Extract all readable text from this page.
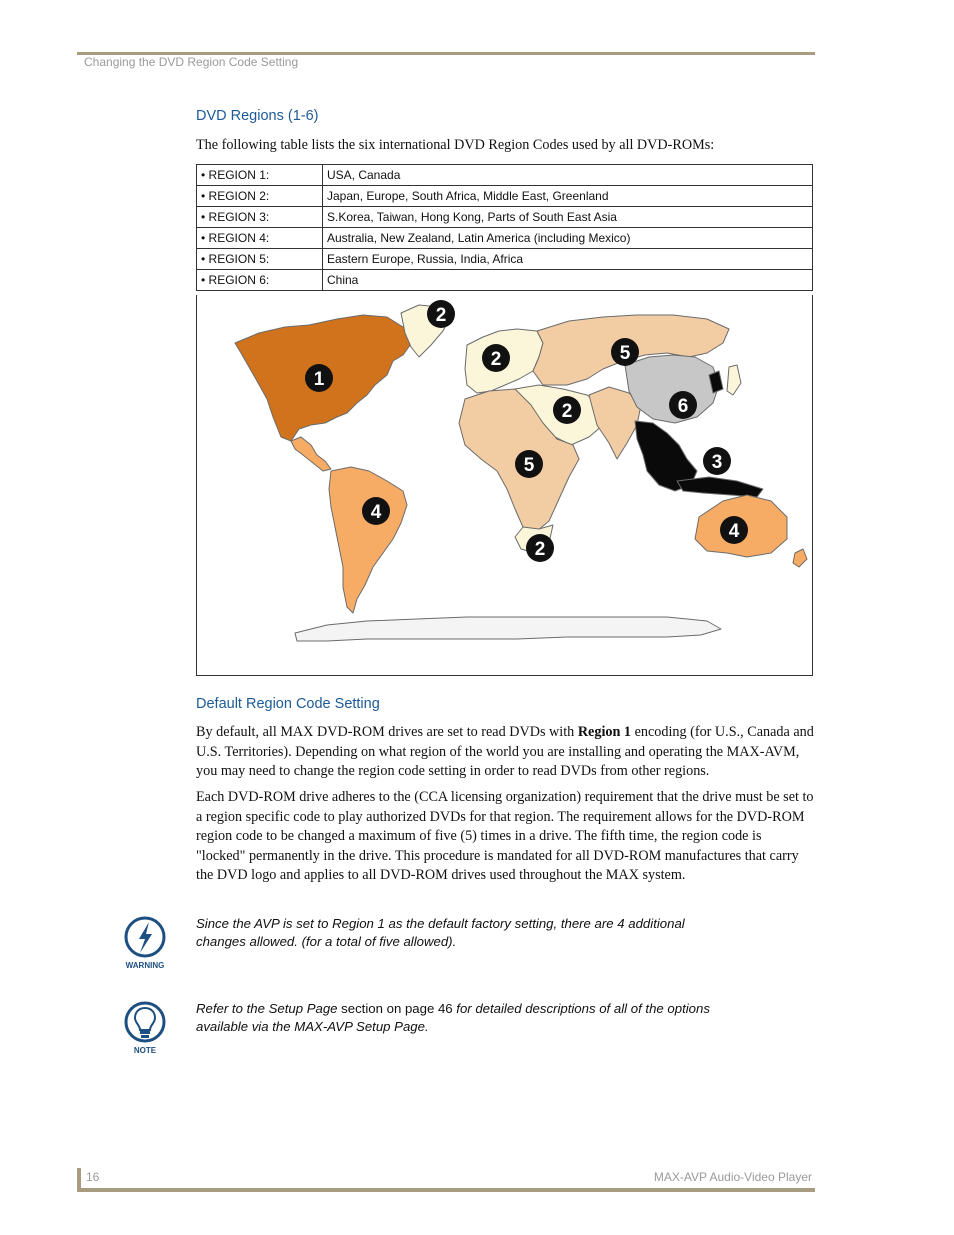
Changing the DVD Region Code Setting
DVD Regions (1-6)

The following table lists the six international DVD Region Codes used by all DVD-ROMs:

• REGION 1:	USA, Canada
• REGION 2:	Japan, Europe, South Africa, Middle East, Greenland
• REGION 3:	S.Korea, Taiwan, Hong Kong, Parts of South East Asia
• REGION 4:	Australia, New Zealand, Latin America (including Mexico)
• REGION 5:	Eastern Europe, Russia, India, Africa
• REGION 6:	China
1
2
2
2
2
3
4
4
5
5
6
Default Region Code Setting

By default, all MAX DVD-ROM drives are set to read DVDs with Region 1 encoding (for U.S., Canada and U.S. Territories). Depending on what region of the world you are installing and operating the MAX-AVM, you may need to change the region code setting in order to read DVDs from other regions.

Each DVD-ROM drive adheres to the (CCA licensing organization) requirement that the drive must be set to a region specific code to play authorized DVDs for that region. The requirement allows for the DVD-ROM region code to be changed a maximum of five (5) times in a drive. The fifth time, the region code is "locked" permanently in the drive. This procedure is mandated for all DVD-ROM manufactures that carry the DVD logo and applies to all DVD-ROM drives used throughout the MAX system.

WARNING
Since the AVP is set to Region 1 as the default factory setting, there are 4 additional changes allowed. (for a total of five allowed).
NOTE
Refer to the Setup Page section on page 46 for detailed descriptions of all of the options available via the MAX-AVP Setup Page.
16	MAX-AVP Audio-Video Player
